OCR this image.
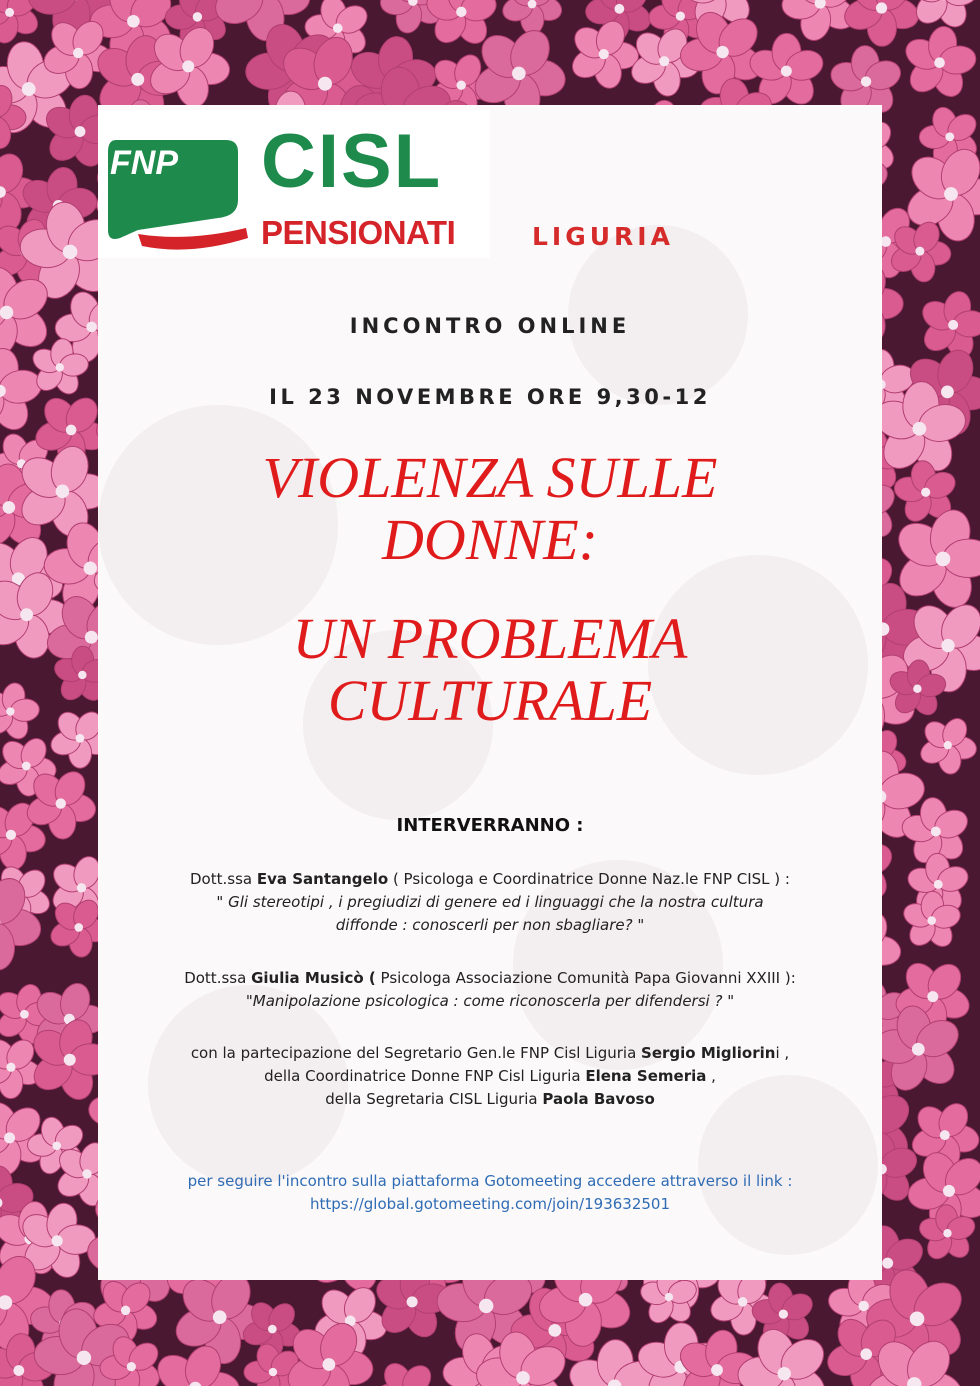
FNP CISL
PENSIONATI	LIGURIA
INCONTRO ONLINE
IL 23 NOVEMBRE ORE 9,30-12
VIOLENZA SULLE
DONNE:
UN PROBLEMA
CULTURALE
INTERVERRANNO :
Dott.ssa Eva Santangelo ( Psicologa e Coordinatrice Donne Naz.le FNP CISL ) :
" Gli stereotipi , i pregiudizi di genere ed i linguaggi che la nostra cultura
diffonde : conoscerli per non sbagliare? "
Dott.ssa Giulia Musicò ( Psicologa Associazione Comunità Papa Giovanni XXIII ):
"Manipolazione psicologica : come riconoscerla per difendersi ? "
con la partecipazione del Segretario Gen.le FNP Cisl Liguria Sergio Migliorini ,
della Coordinatrice Donne FNP Cisl Liguria Elena Semeria ,
della Segretaria CISL Liguria Paola Bavoso
per seguire l'incontro sulla piattaforma Gotomeeting accedere attraverso il link :
https://global.gotomeeting.com/join/193632501
